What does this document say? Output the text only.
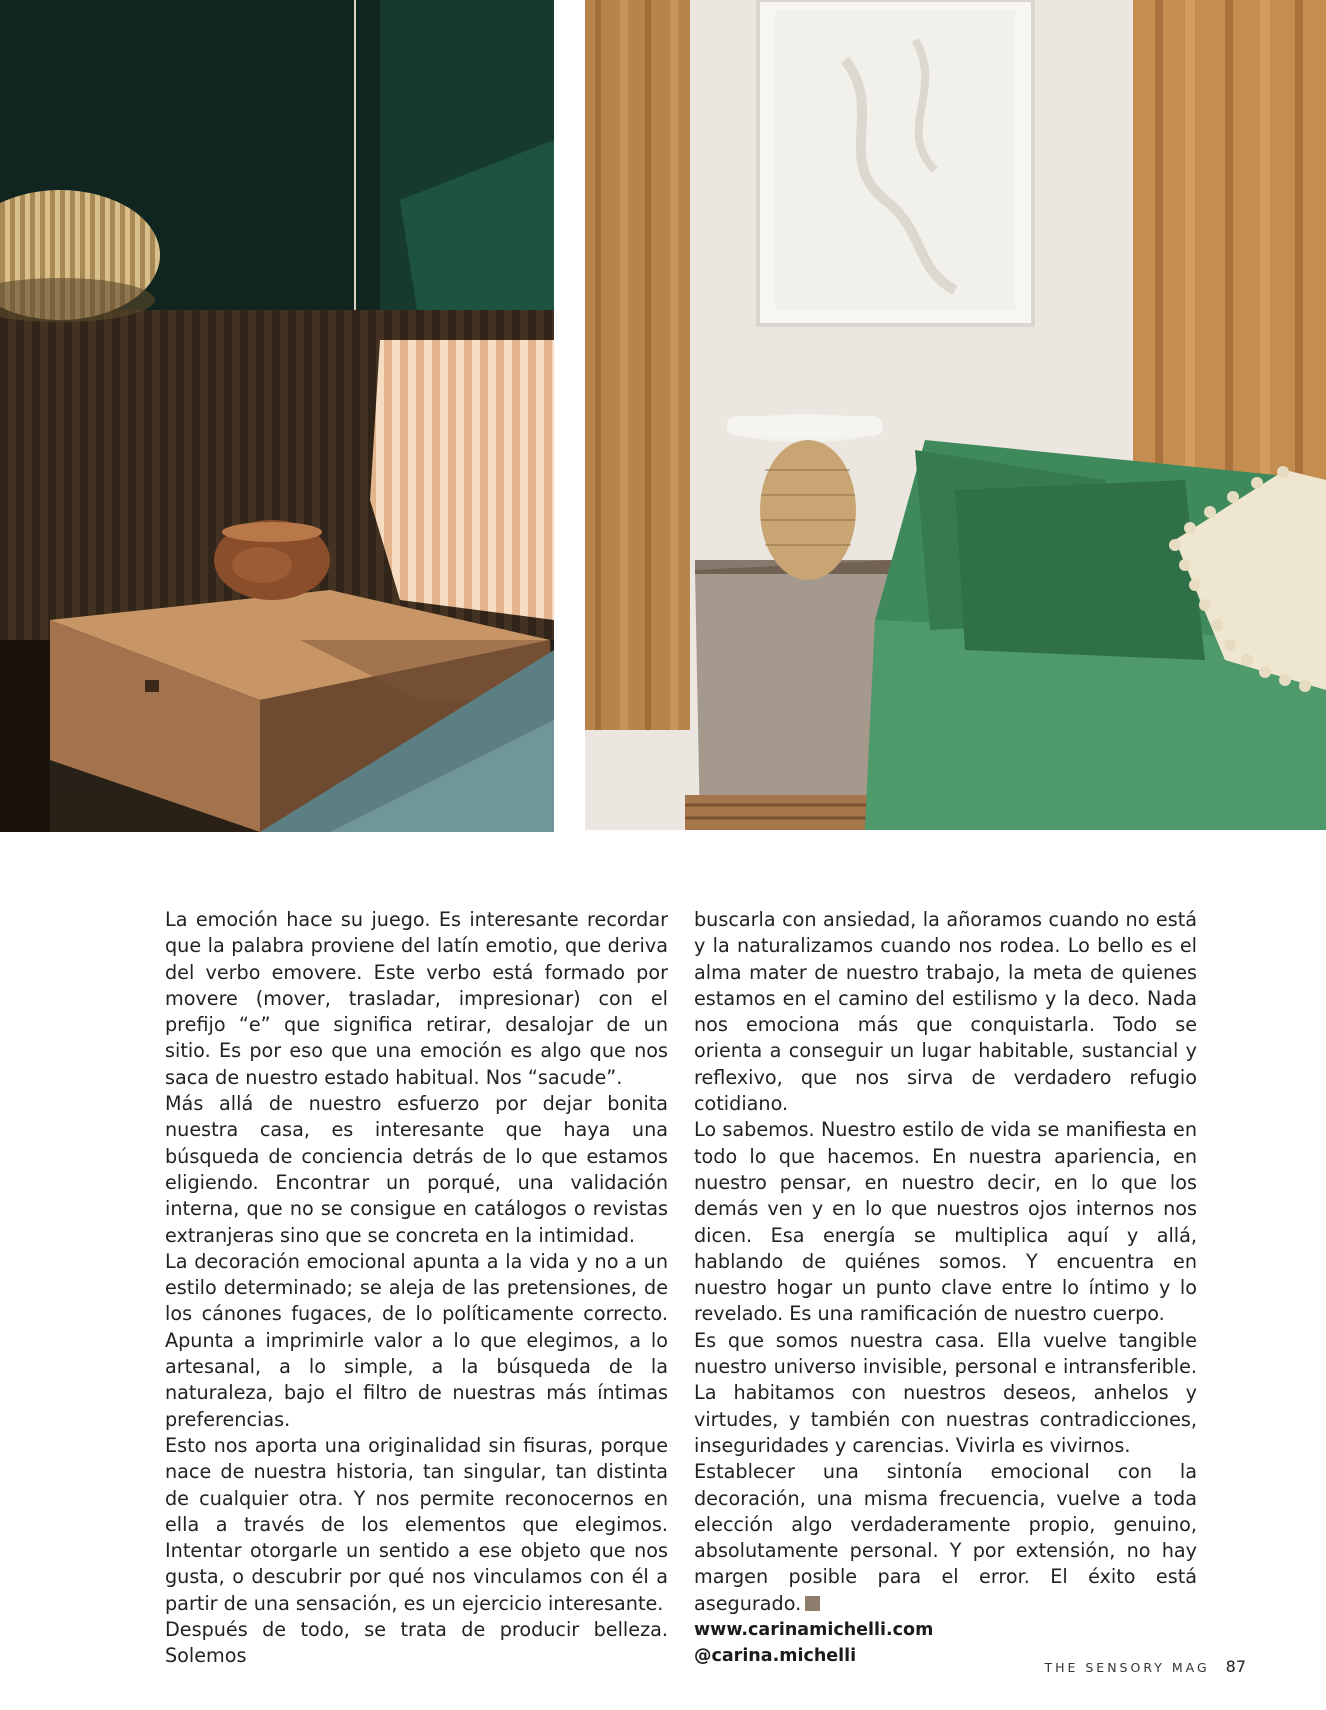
La emoción hace su juego. Es interesante recordar que la palabra proviene del latín emotio, que deriva del verbo emovere. Este verbo está formado por movere (mover, trasladar, impresionar) con el prefijo “e” que significa retirar, desalojar de un sitio. Es por eso que una emoción es algo que nos saca de nuestro estado habitual. Nos “sacude”.

Más allá de nuestro esfuerzo por dejar bonita nuestra casa, es interesante que haya una búsqueda de conciencia detrás de lo que estamos eligiendo. Encontrar un porqué, una validación interna, que no se consigue en catálogos o revistas extranjeras sino que se concreta en la intimidad.

La decoración emocional apunta a la vida y no a un estilo determinado; se aleja de las pretensiones, de los cánones fugaces, de lo políticamente correcto. Apunta a imprimirle valor a lo que elegimos, a lo artesanal, a lo simple, a la búsqueda de la naturaleza, bajo el filtro de nuestras más íntimas preferencias.

Esto nos aporta una originalidad sin fisuras, porque nace de nuestra historia, tan singular, tan distinta de cualquier otra. Y nos permite reconocernos en ella a través de los elementos que elegimos. Intentar otorgarle un sentido a ese objeto que nos gusta, o descubrir por qué nos vinculamos con él a partir de una sensación, es un ejercicio interesante.

Después de todo, se trata de producir belleza. Solemos

buscarla con ansiedad, la añoramos cuando no está y la naturalizamos cuando nos rodea. Lo bello es el alma mater de nuestro trabajo, la meta de quienes estamos en el camino del estilismo y la deco. Nada nos emociona más que conquistarla. Todo se orienta a conseguir un lugar habitable, sustancial y reflexivo, que nos sirva de verdadero refugio cotidiano.

Lo sabemos. Nuestro estilo de vida se manifiesta en todo lo que hacemos. En nuestra apariencia, en nuestro pensar, en nuestro decir, en lo que los demás ven y en lo que nuestros ojos internos nos dicen. Esa energía se multiplica aquí y allá, hablando de quiénes somos. Y encuentra en nuestro hogar un punto clave entre lo íntimo y lo revelado. Es una ramificación de nuestro cuerpo.

Es que somos nuestra casa. Ella vuelve tangible nuestro universo invisible, personal e intransferible. La habitamos con nuestros deseos, anhelos y virtudes, y también con nuestras contradicciones, inseguridades y carencias. Vivirla es vivirnos.

Establecer una sintonía emocional con la decoración, una misma frecuencia, vuelve a toda elección algo verdaderamente propio, genuino, absolutamente personal. Y por extensión, no hay margen posible para el error. El éxito está asegurado.

www.carinamichelli.com
@carina.michelli
THE SENSORY MAG 87
